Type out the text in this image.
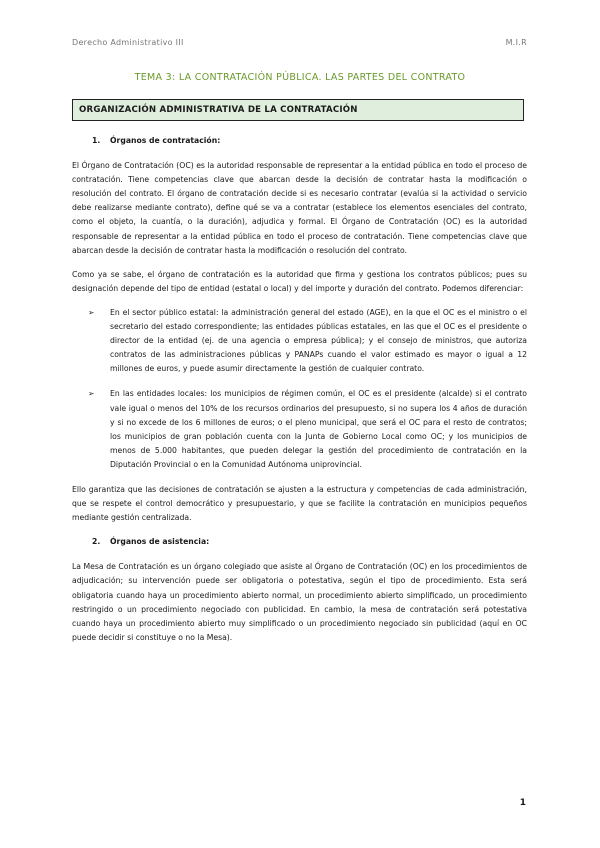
Derecho Administrativo III	M.I.R
TEMA 3: LA CONTRATACIÓN PÚBLICA. LAS PARTES DEL CONTRATO
ORGANIZACIÓN ADMINISTRATIVA DE LA CONTRATACIÓN
1. Órganos de contratación:

El Órgano de Contratación (OC) es la autoridad responsable de representar a la entidad pública en todo el proceso de contratación. Tiene competencias clave que abarcan desde la decisión de contratar hasta la modificación o resolución del contrato. El órgano de contratación decide si es necesario contratar (evalúa si la actividad o servicio debe realizarse mediante contrato), define qué se va a contratar (establece los elementos esenciales del contrato, como el objeto, la cuantía, o la duración), adjudica y formal. El Órgano de Contratación (OC) es la autoridad responsable de representar a la entidad pública en todo el proceso de contratación. Tiene competencias clave que abarcan desde la decisión de contratar hasta la modificación o resolución del contrato.

Como ya se sabe, el órgano de contratación es la autoridad que firma y gestiona los contratos públicos; pues su designación depende del tipo de entidad (estatal o local) y del importe y duración del contrato. Podemos diferenciar:

➢ En el sector público estatal: la administración general del estado (AGE), en la que el OC es el ministro o el secretario del estado correspondiente; las entidades públicas estatales, en las que el OC es el presidente o director de la entidad (ej. de una agencia o empresa pública); y el consejo de ministros, que autoriza contratos de las administraciones públicas y PANAPs cuando el valor estimado es mayor o igual a 12 millones de euros, y puede asumir directamente la gestión de cualquier contrato.
➢ En las entidades locales: los municipios de régimen común, el OC es el presidente (alcalde) si el contrato vale igual o menos del 10% de los recursos ordinarios del presupuesto, si no supera los 4 años de duración y si no excede de los 6 millones de euros; o el pleno municipal, que será el OC para el resto de contratos; los municipios de gran población cuenta con la Junta de Gobierno Local como OC; y los municipios de menos de 5.000 habitantes, que pueden delegar la gestión del procedimiento de contratación en la Diputación Provincial o en la Comunidad Autónoma uniprovincial.

Ello garantiza que las decisiones de contratación se ajusten a la estructura y competencias de cada administración, que se respete el control democrático y presupuestario, y que se facilite la contratación en municipios pequeños mediante gestión centralizada.

2. Órganos de asistencia:

La Mesa de Contratación es un órgano colegiado que asiste al Órgano de Contratación (OC) en los procedimientos de adjudicación; su intervención puede ser obligatoria o potestativa, según el tipo de procedimiento. Esta será obligatoria cuando haya un procedimiento abierto normal, un procedimiento abierto simplificado, un procedimiento restringido o un procedimiento negociado con publicidad. En cambio, la mesa de contratación será potestativa cuando haya un procedimiento abierto muy simplificado o un procedimiento negociado sin publicidad (aquí en OC puede decidir si constituye o no la Mesa).

1
